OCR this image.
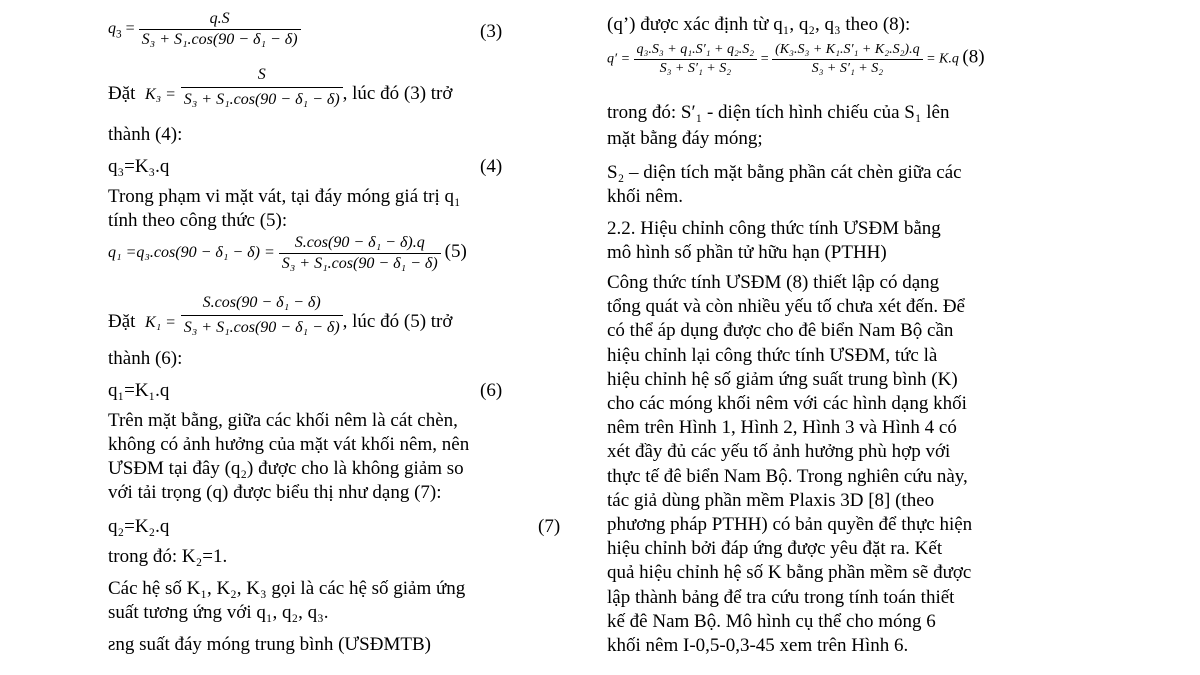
$q_3 = \frac{q.S}{\text{S₃ + S₁.cos(90 − δ₁ − δ)}}$	(3)
Đặt $K_3 = \frac{S}{\text{S₃ + S₁.cos(90 − δ₁ − δ)}}$ , lúc đó (3) trở
thành (4):
q₃=K₃.q	(4)
Trong phạm vi mặt vát, tại đáy móng giá trị q₁
tính theo công thức (5):
$q_1 =q_3.\cos(90 - \delta_1 - \delta) = \frac{\text{S.cos(90 − δ₁ − δ).q}}{\text{S₃ + S₁.cos(90 − δ₁ − δ)}} (5)$
Đặt $K_1 = \frac{\text{S.cos(90 − δ₁ − δ)}}{\text{S₃ + S₁.cos(90 − δ₁ − δ)}}$ , lúc đó (5) trở
thành (6):
q₁=K₁.q	(6)
Trên mặt bằng, giữa các khối nêm là cát chèn,
không có ảnh hưởng của mặt vát khối nêm, nên
ƯSĐM tại đây (q₂) được cho là không giảm so
với tải trọng (q) được biểu thị như dạng (7):
q₂=K₂.q	(7)
trong đó: K₂=1.
Các hệ số K₁, K₂, K₃ gọi là các hệ số giảm ứng
suất tương ứng với q₁, q₂, q₃.
ƨng suất đáy móng trung bình (ƯSĐMTB)
(q’) được xác định từ q₁, q₂, q₃ theo (8):
$q' = \frac{\text{q₃.S₃ + q₁.S′₁ + q₂.S₂}}{\text{S₃ + S′₁ + S₂}} = \frac{\text{(K₃.S₃ + K₁.S′₁ + K₂.S₂).q}}{\text{S₃ + S′₁ + S₂}} = K.q$ (8)
trong đó: S′₁ - diện tích hình chiếu của S₁ lên
mặt bằng đáy móng;
S₂ – diện tích mặt bằng phần cát chèn giữa các
khối nêm.
2.2. Hiệu chỉnh công thức tính ƯSĐM bằng
mô hình số phần tử hữu hạn (PTHH)
Công thức tính ƯSĐM (8) thiết lập có dạng
tổng quát và còn nhiều yếu tố chưa xét đến. Để
có thể áp dụng được cho đê biển Nam Bộ cần
hiệu chỉnh lại công thức tính ƯSĐM, tức là
hiệu chỉnh hệ số giảm ứng suất trung bình (K)
cho các móng khối nêm với các hình dạng khối
nêm trên Hình 1, Hình 2, Hình 3 và Hình 4 có
xét đầy đủ các yếu tố ảnh hưởng phù hợp với
thực tế đê biển Nam Bộ. Trong nghiên cứu này,
tác giả dùng phần mềm Plaxis 3D [8] (theo
phương pháp PTHH) có bản quyền để thực hiện
hiệu chỉnh bởi đáp ứng được yêu đặt ra. Kết
quả hiệu chỉnh hệ số K bằng phần mềm sẽ được
lập thành bảng để tra cứu trong tính toán thiết
kế đê Nam Bộ. Mô hình cụ thể cho móng 6
khối nêm I-0,5-0,3-45 xem trên Hình 6.
